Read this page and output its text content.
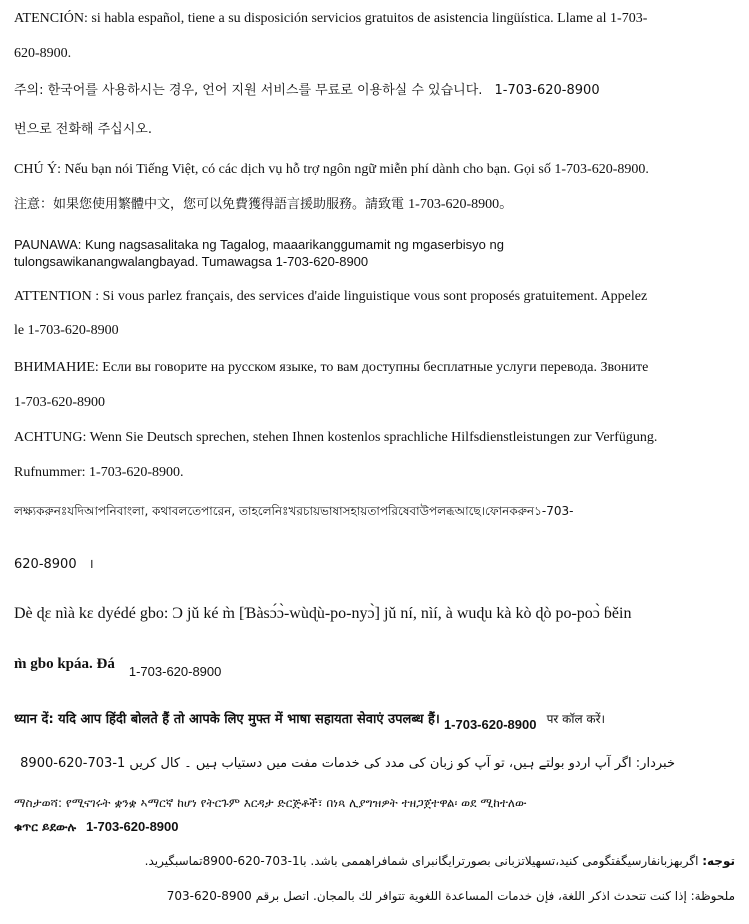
ATENCIÓN: si habla español, tiene a su disposición servicios gratuitos de asistencia lingüística. Llame al 1-703-
620-8900.
주의: 한국어를 사용하시는 경우, 언어 지원 서비스를 무료로 이용하실 수 있습니다. 1-703-620-8900
번으로 전화해 주십시오.
CHÚ Ý: Nếu bạn nói Tiếng Việt, có các dịch vụ hỗ trợ ngôn ngữ miễn phí dành cho bạn. Gọi số 1-703-620-8900.
注意：如果您使用繁體中文，您可以免費獲得語言援助服務。請致電 1-703-620-8900。
PAUNAWA: Kung nagsasalitaka ng Tagalog, maaarikanggumamit ng mgaserbisyo ng
tulongsawikanangwalangbayad. Tumawagsa 1-703-620-8900
ATTENTION : Si vous parlez français, des services d'aide linguistique vous sont proposés gratuitement. Appelez
le 1-703-620-8900
ВНИМАНИЕ: Если вы говорите на русском языке, то вам доступны бесплатные услуги перевода. Звоните
1-703-620-8900
ACHTUNG: Wenn Sie Deutsch sprechen, stehen Ihnen kostenlos sprachliche Hilfsdienstleistungen zur Verfügung.
Rufnummer: 1-703-620-8900.
লক্ষ্যকরুনঃযদিআপনিবাংলা, কথাবলতেপারেন, তাহলেনিঃখরচায়ভাষাসহায়তাপরিষেবাউপলব্ধআছে।ফোনকরুন১-703-
620-8900 ।
Dè ɖɛ nìà kɛ dyédé gbo: Ɔ jǔ ké m̀ [Ɓàsɔ́ɔ̀-wùɖù-po-nyɔ̀] jǔ ní, nìí, à wuɖu kà kò ɖò po-poɔ̀ ɓěin
m̀ gbo kpáa. Ɖá $_{1-703-620-8900}$
ध्यान दें: यदि आप हिंदी बोलते हैं तो आपके लिए मुफ्त में भाषा सहायता सेवाएं उपलब्ध हैं। 1-703-620-8900 पर कॉल करें।
خبردار: اگر آپ اردو بولتے ہیں، تو آپ کو زبان کی مدد کی خدمات مفت میں دستیاب ہیں ۔ کال کریں 1-703-620-8900
ማስታወሻ: የሚናገሩት ቋንቋ ኣማርኛ ከሆነ የትርጉም እርዳታ ድርጅቶች፣ በነጻ ሊያግዝዎት ተዘጋጀተዋል፡ ወደ ሚከተለው
ቁጥር ይደውሉ 1-703-620-8900
توجه: اگربهزبانفارسیگفتگومی کنید،تسهیلاتزبانی بصورترایگانبرای شمافراهممی باشد. با1-703-620-8900تماسبگیرید.
ملحوظة: إذا كنت تتحدث اذكر اللغة، فإن خدمات المساعدة اللغوية تتوافر لك بالمجان. اتصل برقم 8900-620-703
